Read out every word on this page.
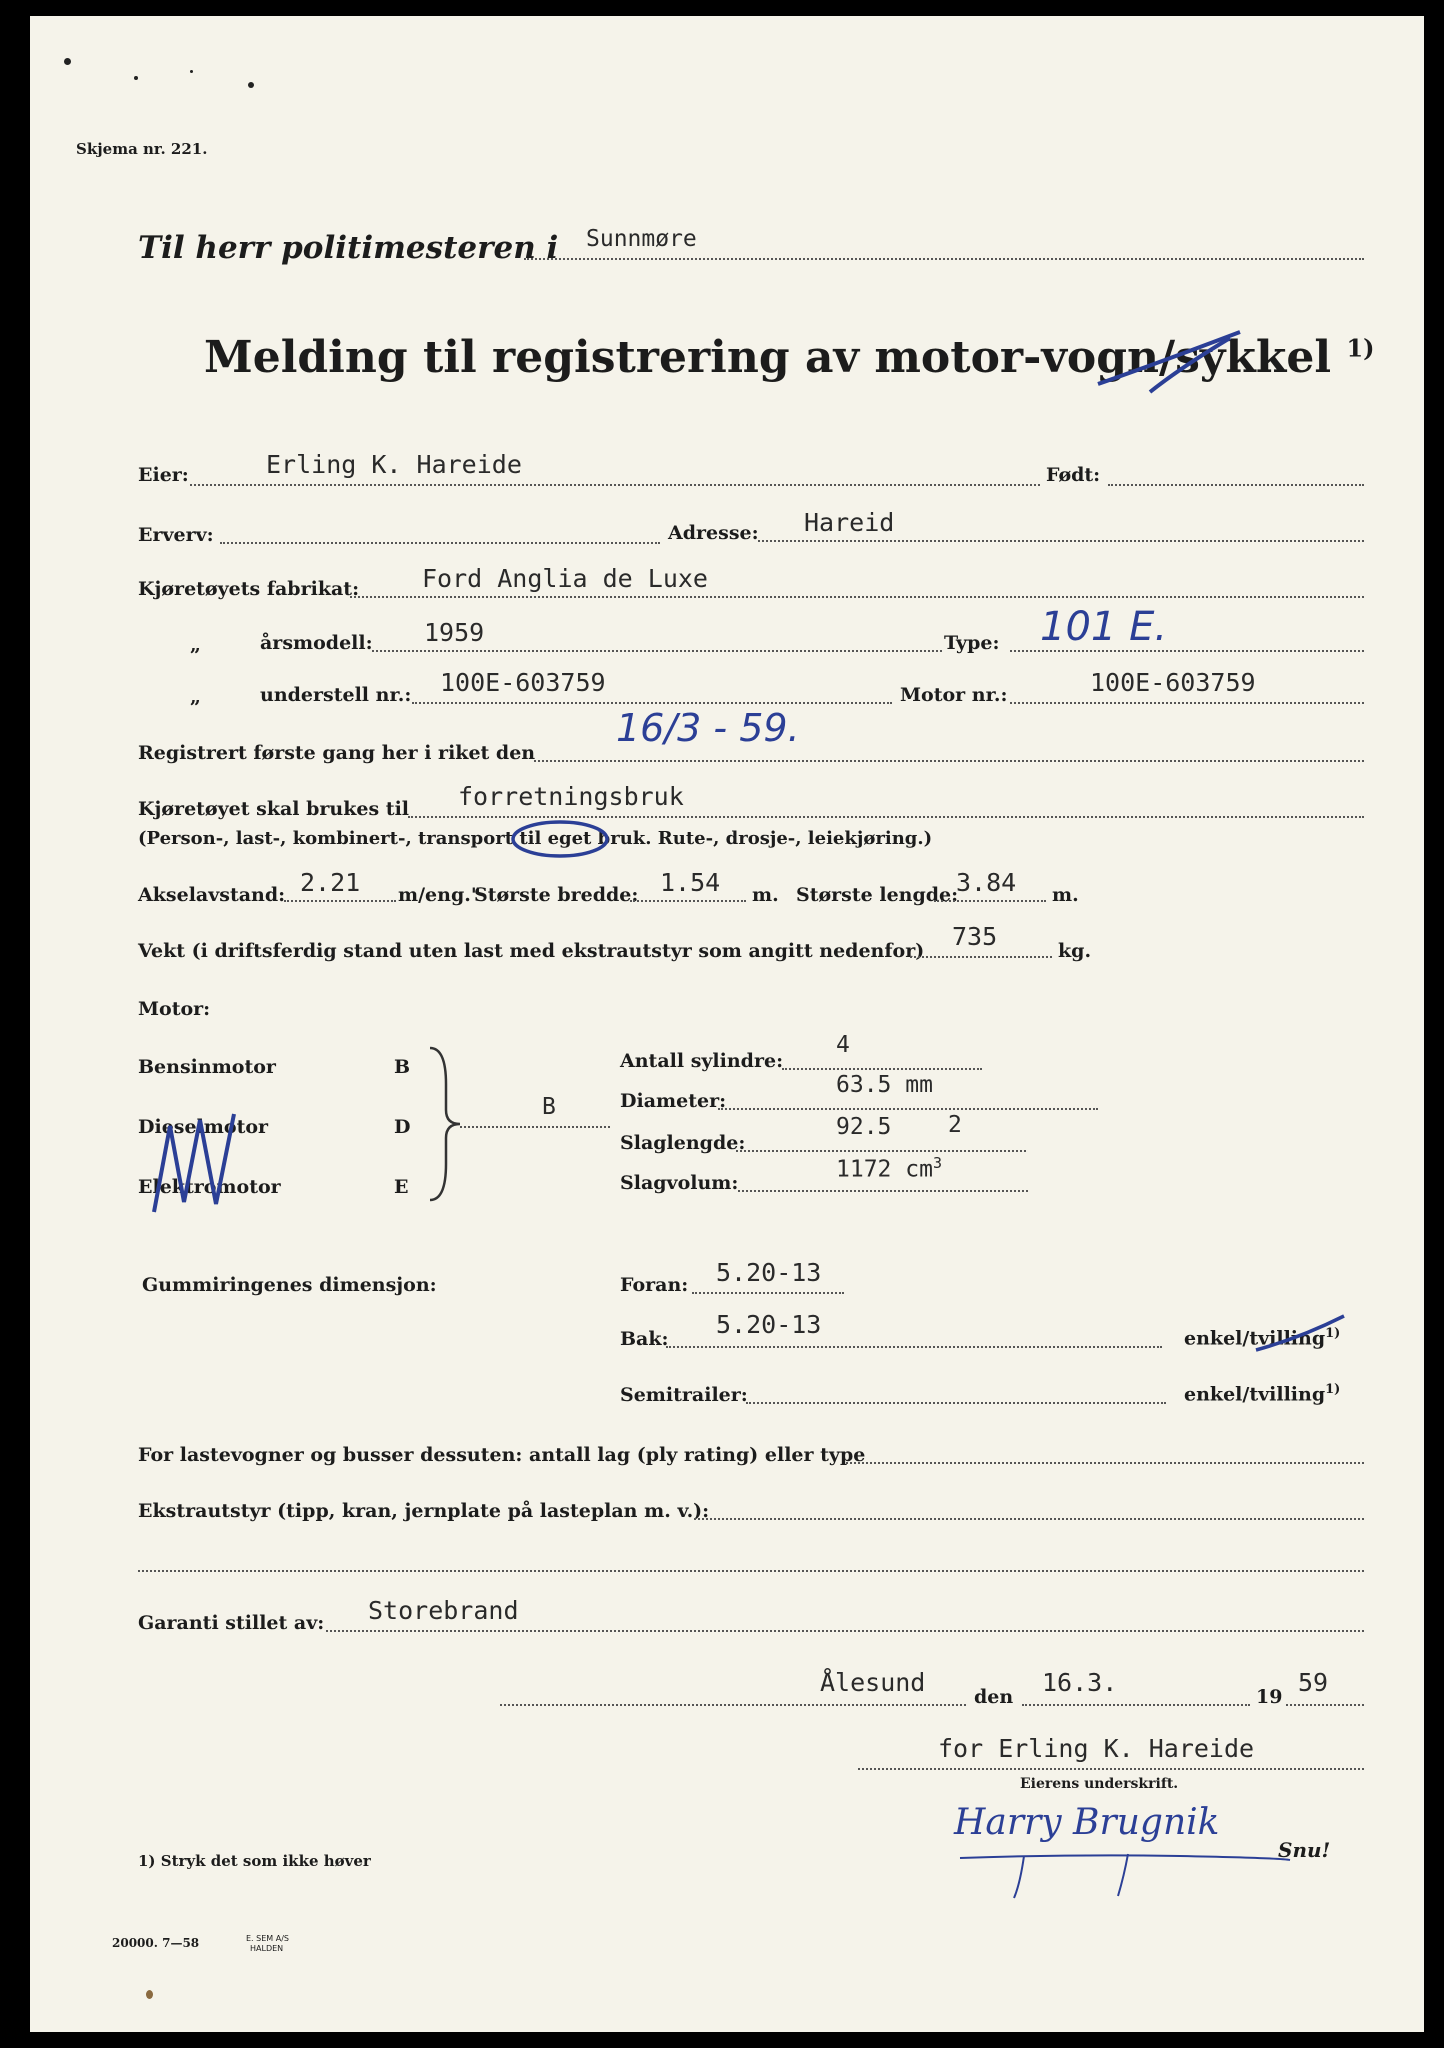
Skjema nr. 221.
Til herr politimesteren i Sunnmøre
Melding til registrering av motor-vogn/sykkel $^{1)}$
Eier:	Erling K. Hareide	Født:
Erverv:	Adresse: Hareid
Kjøretøyets fabrikat:	Ford Anglia de Luxe
„	årsmodell: 1959	Type: 101 E.
„	understell nr.: 100E-603759	Motor nr.:	100E-603759
Registrert første gang her i riket den
16/3 - 59.
Kjøretøyet skal brukes til forretningsbruk
(Person-, last-, kombinert-, transport til eget bruk. Rute-, drosje-, leiekjøring.)
Akselavstand: 2.21 m/eng."
Største bredde: 1.54 m. Største lengde:
3.84 m.
Vekt (i driftsferdig stand uten last med ekstrautstyr som angitt nedenfor) 735	kg.
Motor:
Bensinmotor	B
Dieselmotor	D
Elektromotor	E
B
Antall sylindre:
4
Diameter:
63.5 mm
Slaglengde:
92.5 2
Slagvolum:
1172 $cm^3$
Gummiringenes dimensjon:	Foran: 5.20-13
Bak: 5.20-13	enkel/tvilling$^{1)}$
Semitrailer:	enkel/tvilling$^{1)}$
For lastevogner og busser dessuten: antall lag (ply rating) eller type
Ekstrautstyr (tipp, kran, jernplate på lasteplan m. v.):
Garanti stillet av: Storebrand
Ålesund	den 16.3.	19 59
for Erling K. Hareide
Eierens underskrift.
Harry Brugnik
Snu!
1) Stryk det som ikke høver
20000. 7—58	E. SEM A/S
HALDEN
